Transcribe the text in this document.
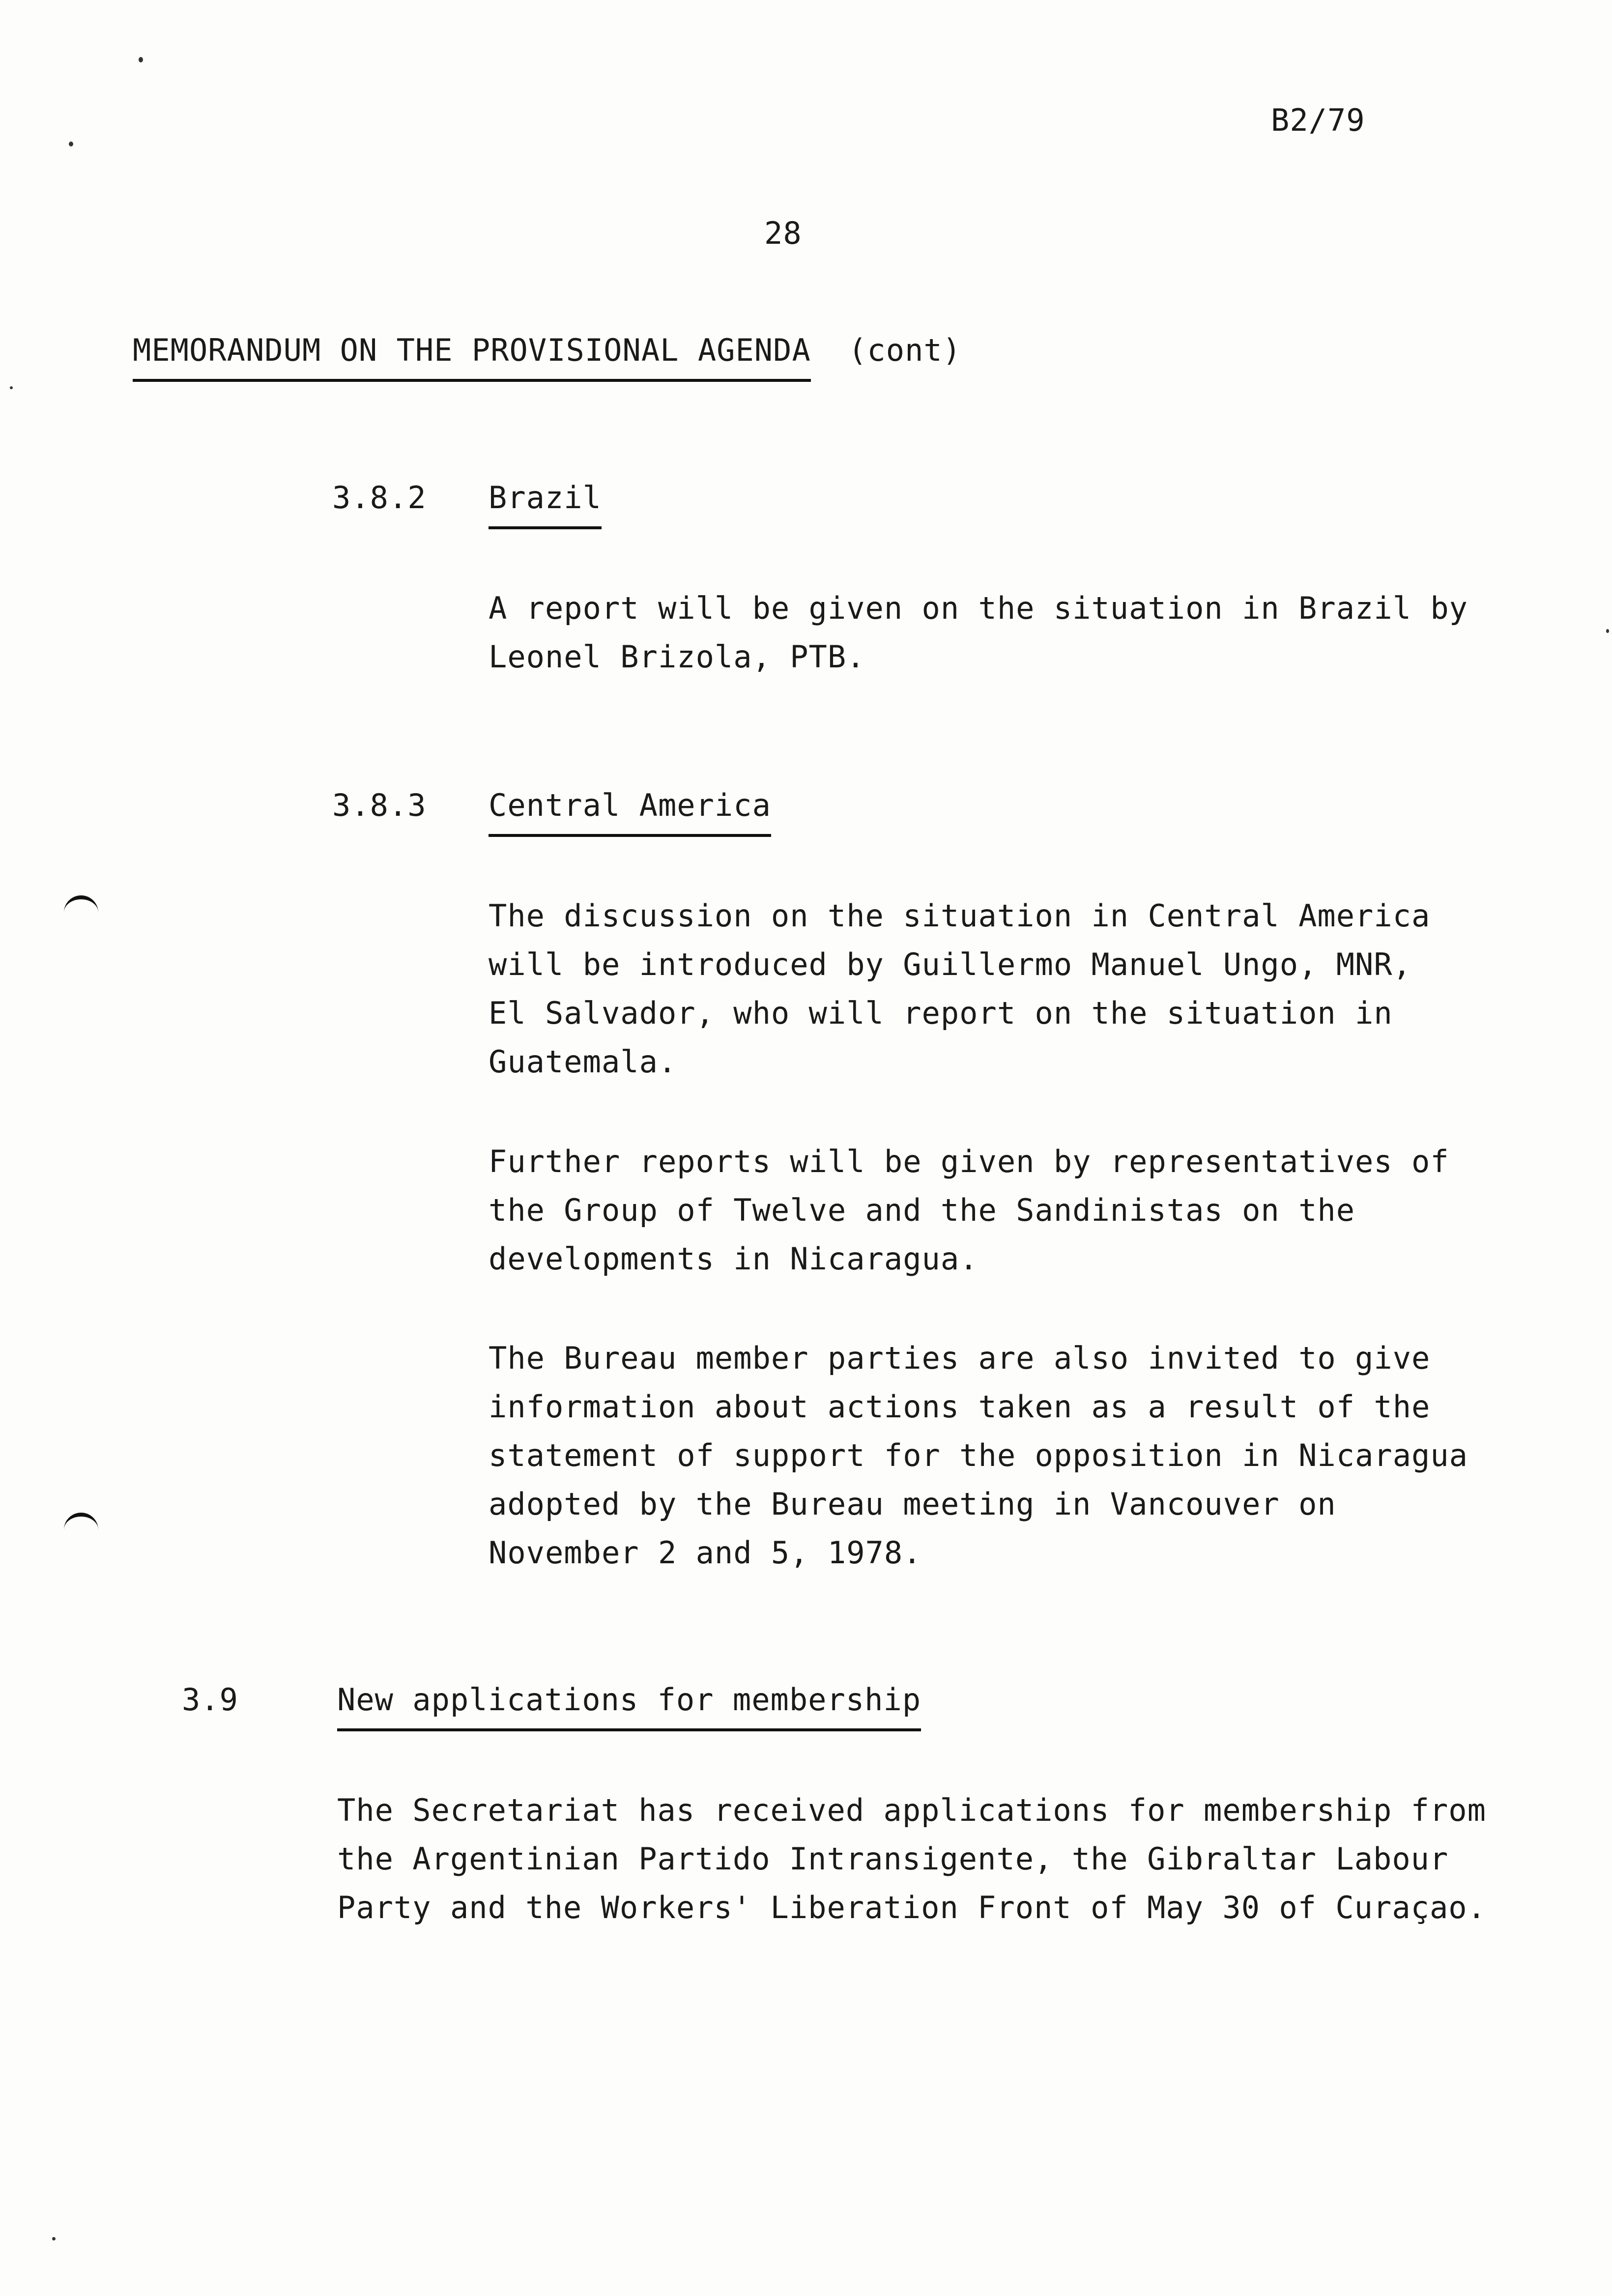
B2/79
28
MEMORANDUM ON THE PROVISIONAL AGENDA (cont)
3.8.2 Brazil
A report will be given on the situation in Brazil by
Leonel Brizola, PTB.
3.8.3 Central America
The discussion on the situation in Central America
will be introduced by Guillermo Manuel Ungo, MNR,
El Salvador, who will report on the situation in
Guatemala.
Further reports will be given by representatives of
the Group of Twelve and the Sandinistas on the
developments in Nicaragua.
The Bureau member parties are also invited to give
information about actions taken as a result of the
statement of support for the opposition in Nicaragua
adopted by the Bureau meeting in Vancouver on
November 2 and 5, 1978.
3.9	New applications for membership
The Secretariat has received applications for membership from
the Argentinian Partido Intransigente, the Gibraltar Labour
Party and the Workers' Liberation Front of May 30 of Curaçao.
